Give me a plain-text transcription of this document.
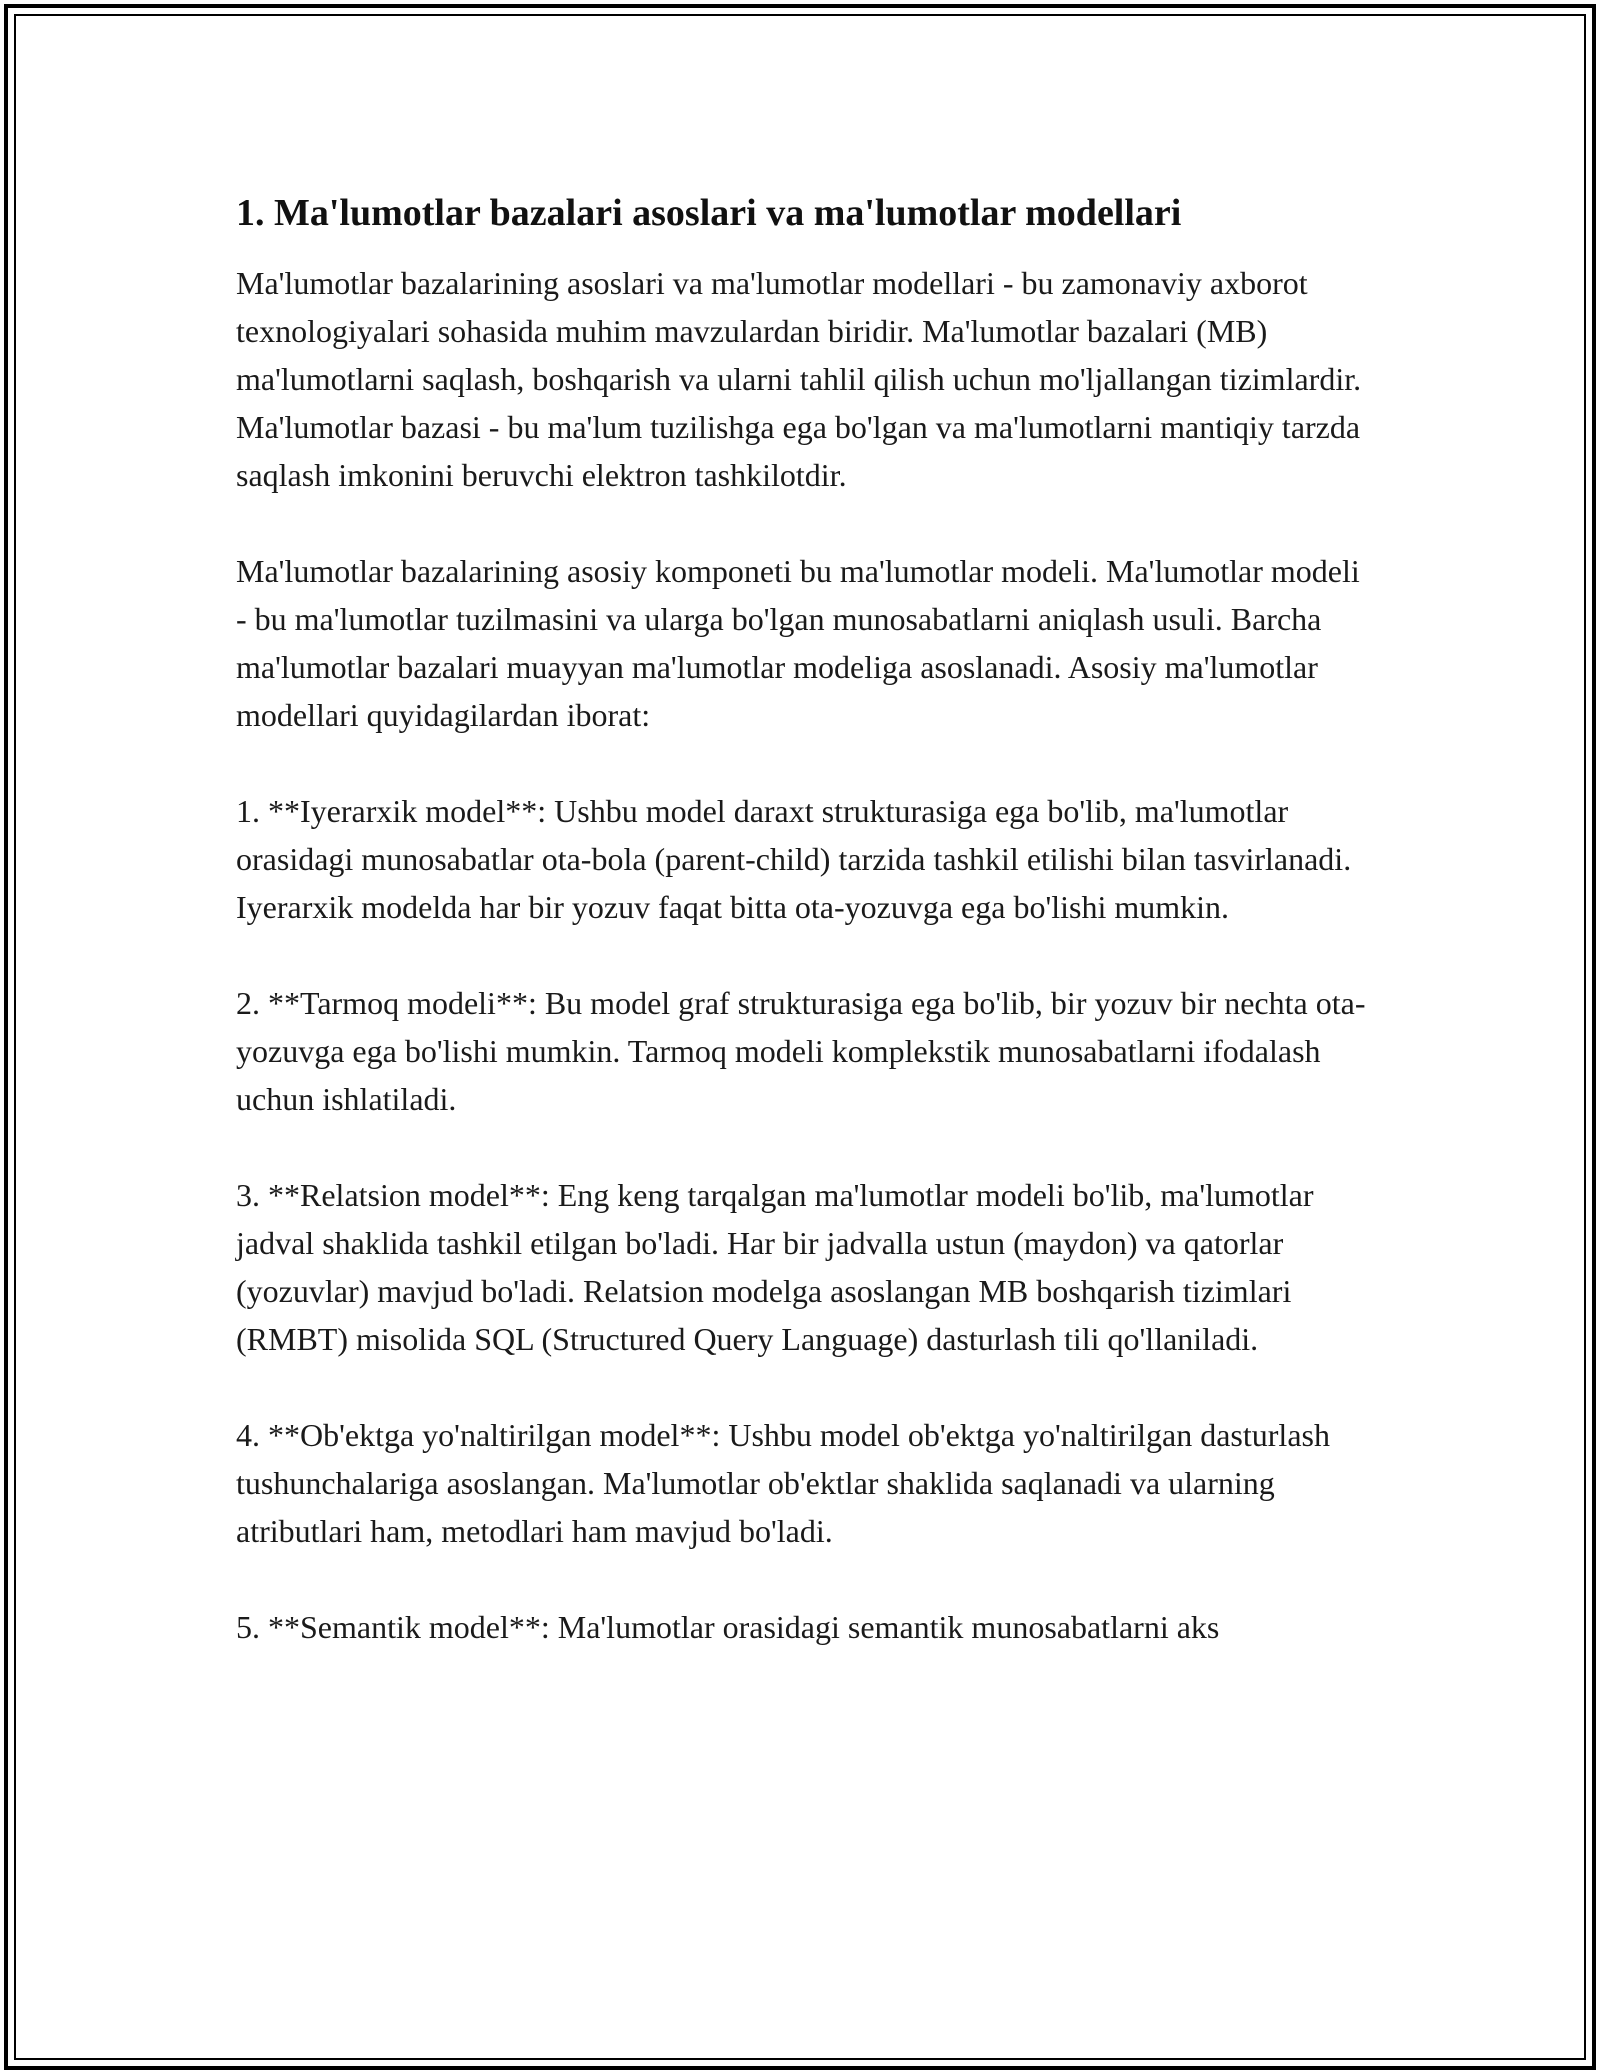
1. Ma'lumotlar bazalari asoslari va ma'lumotlar modellari

Ma'lumotlar bazalarining asoslari va ma'lumotlar modellari - bu zamonaviy axborot texnologiyalari sohasida muhim mavzulardan biridir. Ma'lumotlar bazalari (MB) ma'lumotlarni saqlash, boshqarish va ularni tahlil qilish uchun mo'ljallangan tizimlardir. Ma'lumotlar bazasi - bu ma'lum tuzilishga ega bo'lgan va ma'lumotlarni mantiqiy tarzda saqlash imkonini beruvchi elektron tashkilotdir.

Ma'lumotlar bazalarining asosiy komponeti bu ma'lumotlar modeli. Ma'lumotlar modeli - bu ma'lumotlar tuzilmasini va ularga bo'lgan munosabatlarni aniqlash usuli. Barcha ma'lumotlar bazalari muayyan ma'lumotlar modeliga asoslanadi. Asosiy ma'lumotlar modellari quyidagilardan iborat:

1. **Iyerarxik model**: Ushbu model daraxt strukturasiga ega bo'lib, ma'lumotlar orasidagi munosabatlar ota-bola (parent-child) tarzida tashkil etilishi bilan tasvirlanadi. Iyerarxik modelda har bir yozuv faqat bitta ota-yozuvga ega bo'lishi mumkin.

2. **Tarmoq modeli**: Bu model graf strukturasiga ega bo'lib, bir yozuv bir nechta ota-yozuvga ega bo'lishi mumkin. Tarmoq modeli komplekstik munosabatlarni ifodalash uchun ishlatiladi.

3. **Relatsion model**: Eng keng tarqalgan ma'lumotlar modeli bo'lib, ma'lumotlar jadval shaklida tashkil etilgan bo'ladi. Har bir jadvalla ustun (maydon) va qatorlar (yozuvlar) mavjud bo'ladi. Relatsion modelga asoslangan MB boshqarish tizimlari (RMBT) misolida SQL (Structured Query Language) dasturlash tili qo'llaniladi.

4. **Ob'ektga yo'naltirilgan model**: Ushbu model ob'ektga yo'naltirilgan dasturlash tushunchalariga asoslangan. Ma'lumotlar ob'ektlar shaklida saqlanadi va ularning atributlari ham, metodlari ham mavjud bo'ladi.

5. **Semantik model**: Ma'lumotlar orasidagi semantik munosabatlarni aks
